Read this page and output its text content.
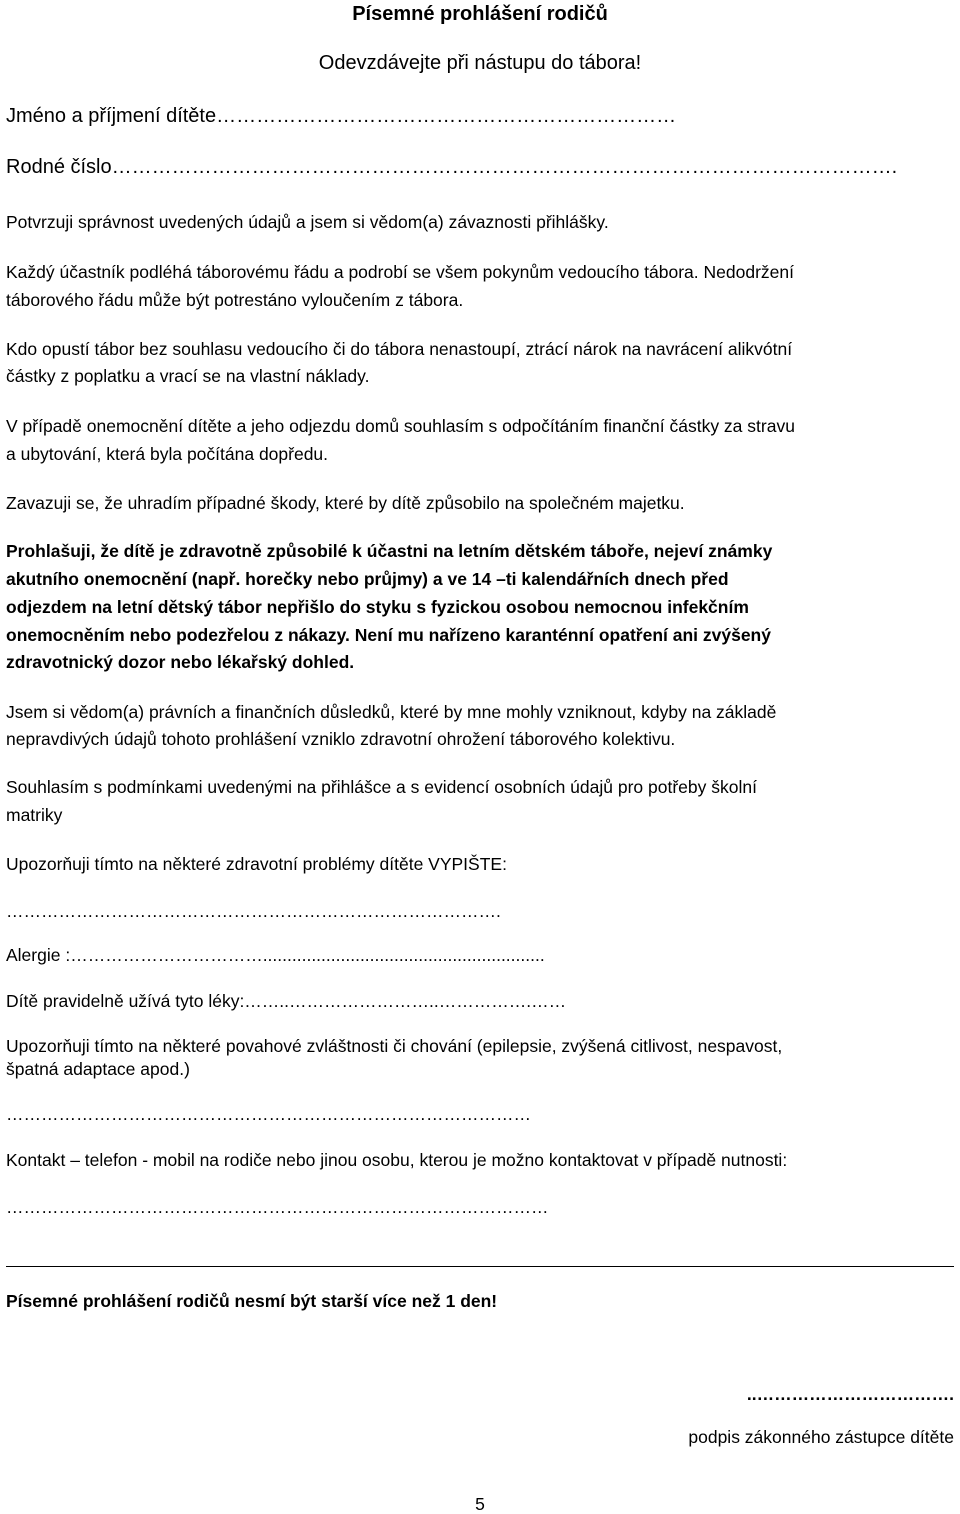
Písemné prohlášení rodičů
Odevzdávejte při nástupu do tábora!
Jméno a příjmení dítěte……………………………………………………………
Rodné číslo……………………………………………………………………………………………………….
Potvrzuji správnost uvedených údajů a jsem si vědom(a) závaznosti přihlášky.
Každý účastník podléhá táborovému řádu a podrobí se všem pokynům vedoucího tábora. Nedodržení
táborového řádu může být potrestáno vyloučením z tábora.
Kdo opustí tábor bez souhlasu vedoucího či do tábora nenastoupí, ztrácí nárok na navrácení alikvótní
částky z poplatku a vrací se na vlastní náklady.
V případě onemocnění dítěte a jeho odjezdu domů souhlasím s odpočítáním finanční částky za stravu
a ubytování, která byla počítána dopředu.
Zavazuji se, že uhradím případné škody, které by dítě způsobilo na společném majetku.
Prohlašuji, že dítě je zdravotně způsobilé k účastni na letním dětském táboře, nejeví známky
akutního onemocnění (např. horečky nebo průjmy) a ve 14 –ti kalendářních dnech před
odjezdem na letní dětský tábor nepřišlo do styku s fyzickou osobou nemocnou infekčním
onemocněním nebo podezřelou z nákazy. Není mu nařízeno karanténní opatření ani zvýšený
zdravotnický dozor nebo lékařský dohled.
Jsem si vědom(a) právních a finančních důsledků, které by mne mohly vzniknout, kdyby na základě
nepravdivých údajů tohoto prohlášení vzniklo zdravotní ohrožení táborového kolektivu.
Souhlasím s podmínkami uvedenými na přihlášce a s evidencí osobních údajů pro potřeby školní
matriky
Upozorňuji tímto na některé zdravotní problémy dítěte VYPIŠTE:
………………………………………………………………………….
Alergie :……………………………..........................................................
Dítě pravidelně užívá tyto léky:……..……………………..…………….……
Upozorňuji tímto na některé povahové zvláštnosti či chování (epilepsie, zvýšená citlivost, nespavost,
špatná adaptace apod.)
………………………………………………………………………………
Kontakt – telefon - mobil na rodiče nebo jinou osobu, kterou je možno kontaktovat v případě nutnosti:
…………………………………………………………………………………
Písemné prohlášení rodičů nesmí být starší více než 1 den!
..…………………………….
podpis zákonného zástupce dítěte
5
